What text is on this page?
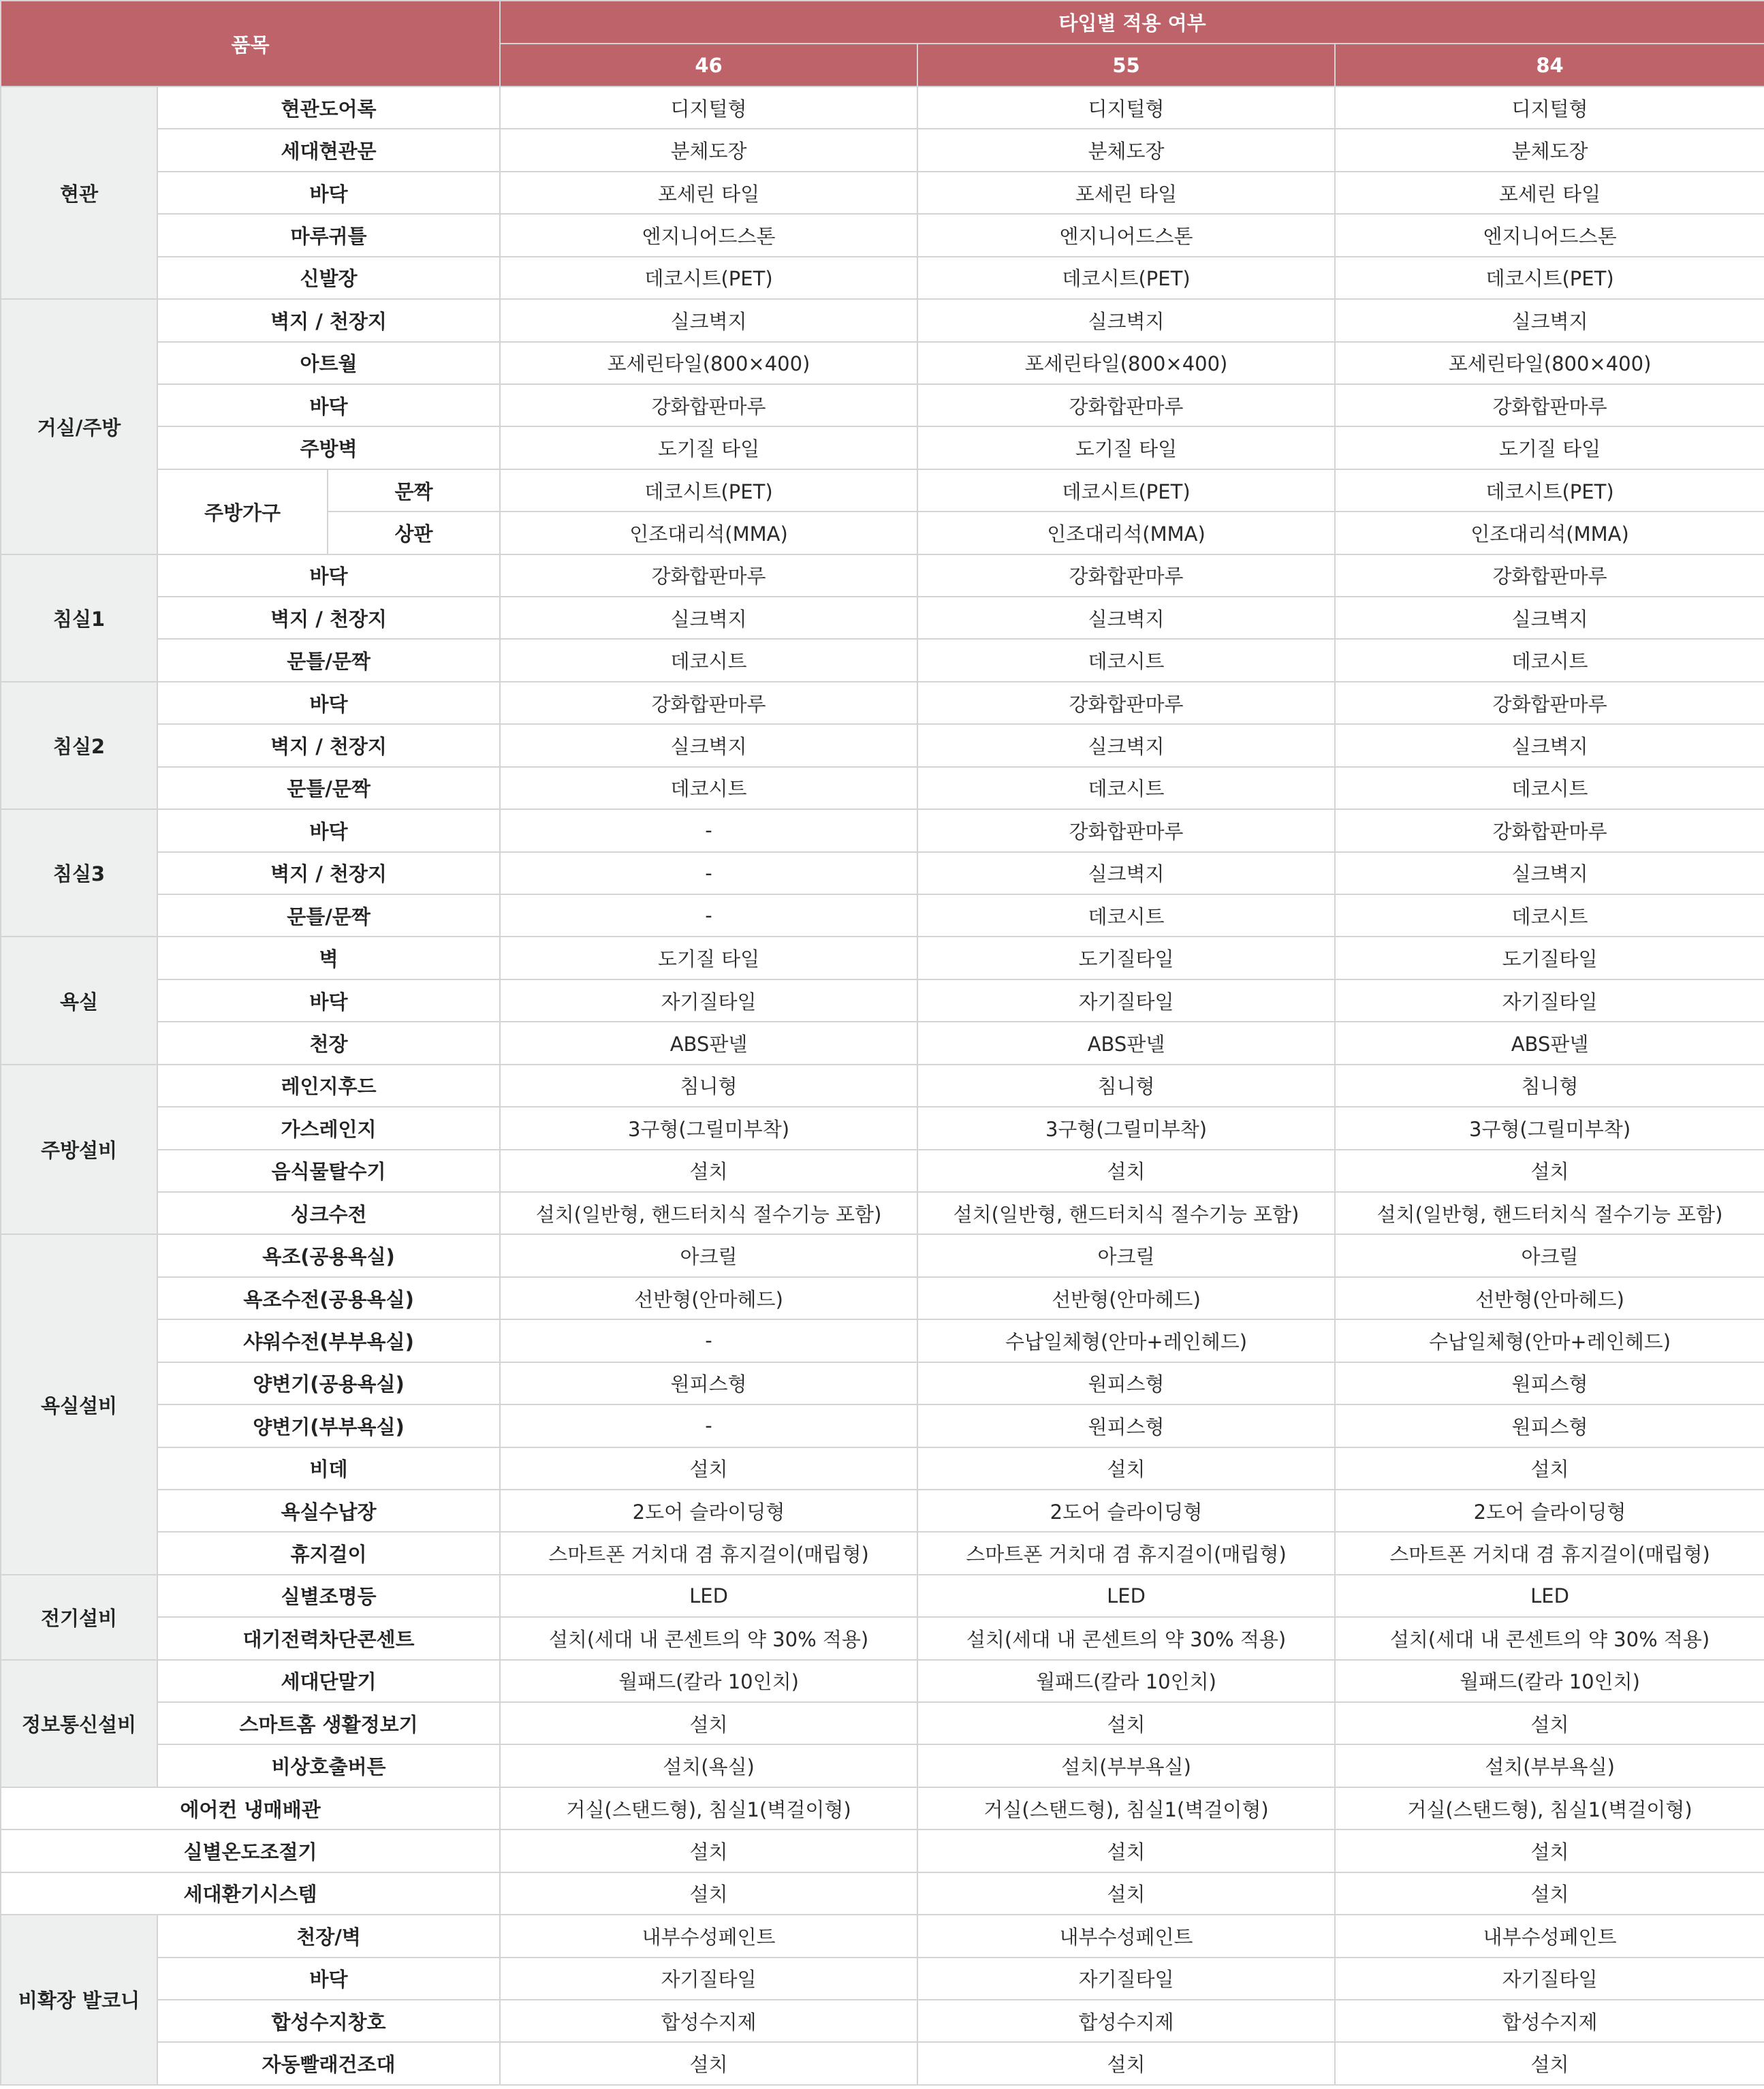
품목			타입별 적용 여부		
			46	55	84
현관	현관도어록		디지털형	디지털형	디지털형
	세대현관문		분체도장	분체도장	분체도장
	바닥		포세린 타일	포세린 타일	포세린 타일
	마루귀틀		엔지니어드스톤	엔지니어드스톤	엔지니어드스톤
	신발장		데코시트(PET)	데코시트(PET)	데코시트(PET)
거실/주방	벽지 / 천장지		실크벽지	실크벽지	실크벽지
	아트월		포세린타일(800×400)	포세린타일(800×400)	포세린타일(800×400)
	바닥		강화합판마루	강화합판마루	강화합판마루
	주방벽		도기질 타일	도기질 타일	도기질 타일
	주방가구	문짝	데코시트(PET)	데코시트(PET)	데코시트(PET)
		상판	인조대리석(MMA)	인조대리석(MMA)	인조대리석(MMA)
침실1	바닥		강화합판마루	강화합판마루	강화합판마루
	벽지 / 천장지		실크벽지	실크벽지	실크벽지
	문틀/문짝		데코시트	데코시트	데코시트
침실2	바닥		강화합판마루	강화합판마루	강화합판마루
	벽지 / 천장지		실크벽지	실크벽지	실크벽지
	문틀/문짝		데코시트	데코시트	데코시트
침실3	바닥		-	강화합판마루	강화합판마루
	벽지 / 천장지		-	실크벽지	실크벽지
	문틀/문짝		-	데코시트	데코시트
욕실	벽		도기질 타일	도기질타일	도기질타일
	바닥		자기질타일	자기질타일	자기질타일
	천장		ABS판넬	ABS판넬	ABS판넬
주방설비	레인지후드		침니형	침니형	침니형
	가스레인지		3구형(그릴미부착)	3구형(그릴미부착)	3구형(그릴미부착)
	음식물탈수기		설치	설치	설치
	싱크수전		설치(일반형, 핸드터치식 절수기능 포함)	설치(일반형, 핸드터치식 절수기능 포함)	설치(일반형, 핸드터치식 절수기능 포함)
욕실설비	욕조(공용욕실)		아크릴	아크릴	아크릴
	욕조수전(공용욕실)		선반형(안마헤드)	선반형(안마헤드)	선반형(안마헤드)
	샤워수전(부부욕실)		-	수납일체형(안마+레인헤드)	수납일체형(안마+레인헤드)
	양변기(공용욕실)		원피스형	원피스형	원피스형
	양변기(부부욕실)		-	원피스형	원피스형
	비데		설치	설치	설치
	욕실수납장		2도어 슬라이딩형	2도어 슬라이딩형	2도어 슬라이딩형
	휴지걸이		스마트폰 거치대 겸 휴지걸이(매립형)	스마트폰 거치대 겸 휴지걸이(매립형)	스마트폰 거치대 겸 휴지걸이(매립형)
전기설비	실별조명등		LED	LED	LED
	대기전력차단콘센트		설치(세대 내 콘센트의 약 30% 적용)	설치(세대 내 콘센트의 약 30% 적용)	설치(세대 내 콘센트의 약 30% 적용)
정보통신설비	세대단말기		월패드(칼라 10인치)	월패드(칼라 10인치)	월패드(칼라 10인치)
	스마트홈 생활정보기		설치	설치	설치
	비상호출버튼		설치(욕실)	설치(부부욕실)	설치(부부욕실)
에어컨 냉매배관			거실(스탠드형), 침실1(벽걸이형)	거실(스탠드형), 침실1(벽걸이형)	거실(스탠드형), 침실1(벽걸이형)
실별온도조절기			설치	설치	설치
세대환기시스템			설치	설치	설치
비확장 발코니	천장/벽		내부수성페인트	내부수성페인트	내부수성페인트
	바닥		자기질타일	자기질타일	자기질타일
	합성수지창호		합성수지제	합성수지제	합성수지제
	자동빨래건조대		설치	설치	설치
